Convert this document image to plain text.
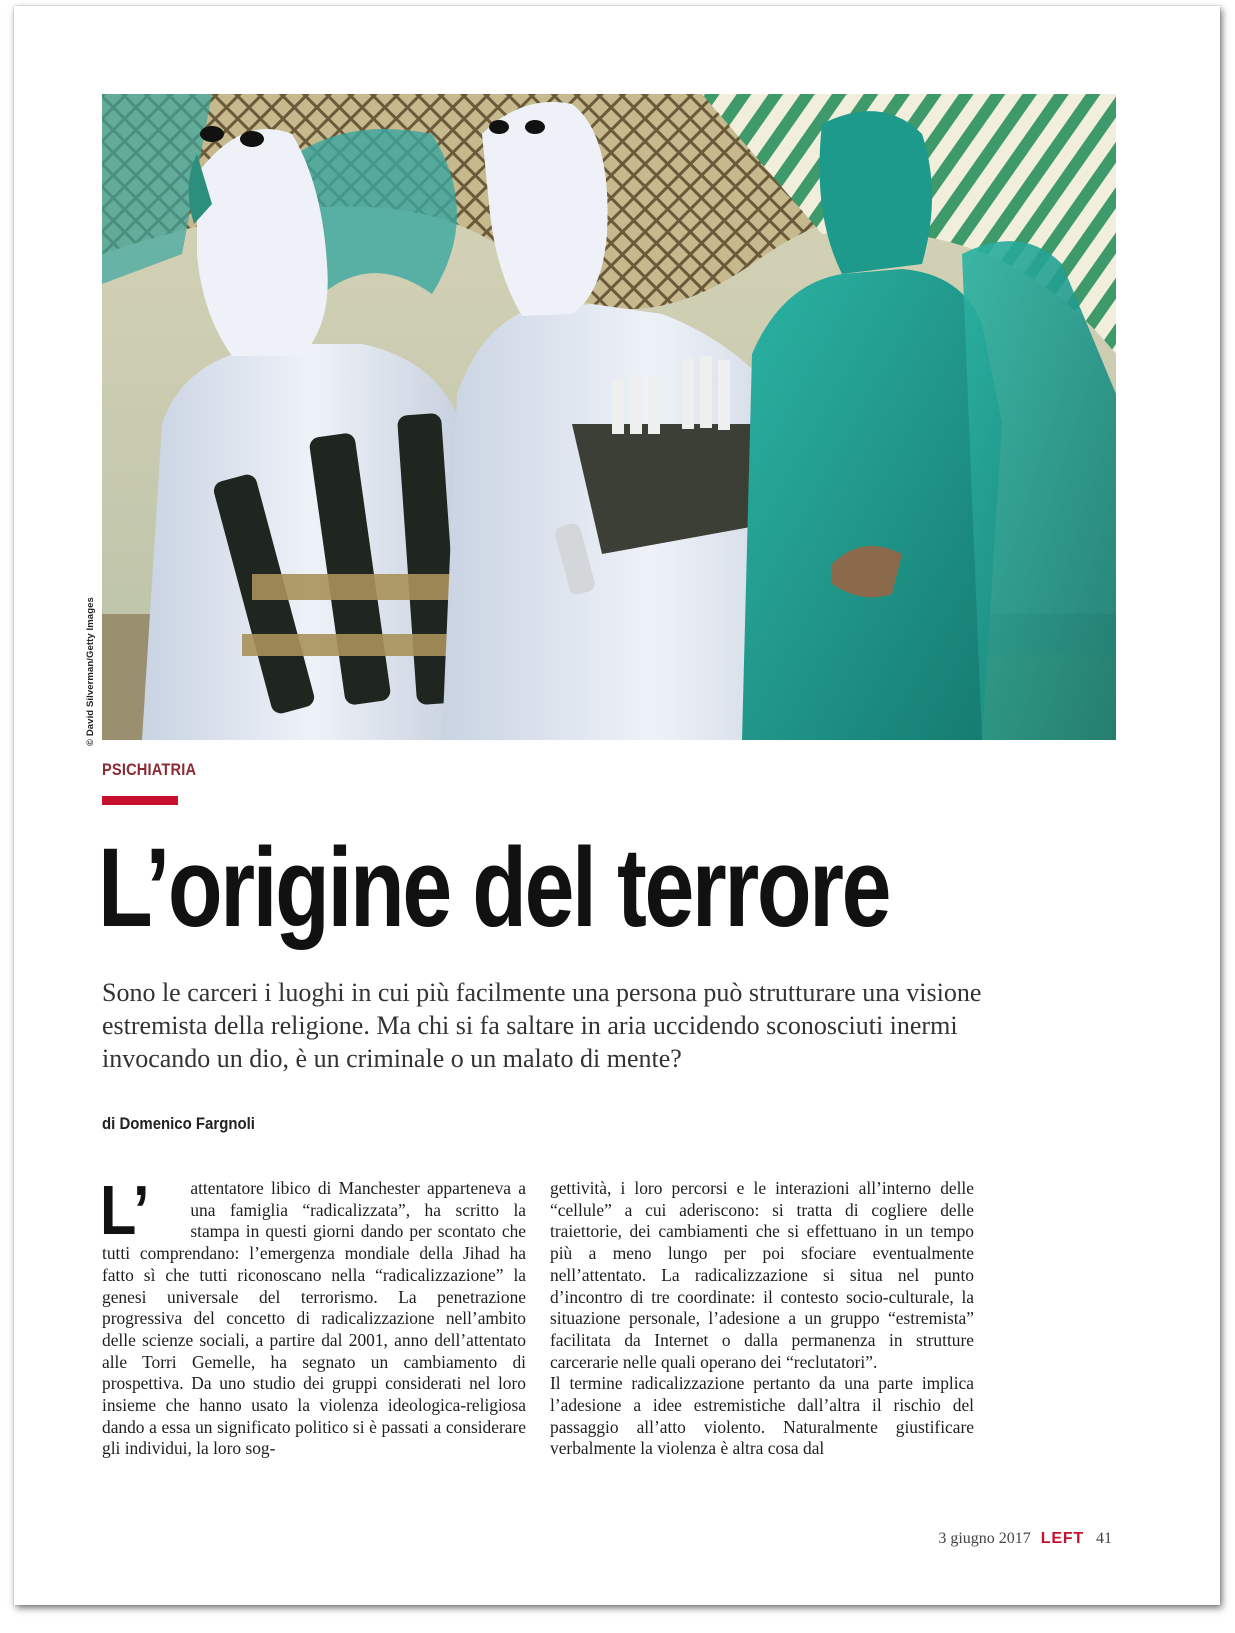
© David Silverman/Getty Images
PSICHIATRIA
L’origine del terrore

Sono le carceri i luoghi in cui più facilmente una persona può strutturare una visione estremista della religione. Ma chi si fa saltare in aria uccidendo sconosciuti inermi invocando un dio, è un criminale o un malato di mente?

di Domenico Fargnoli
L’ attentatore libico di Manchester apparteneva a una famiglia “radicalizzata”, ha scritto la stampa in questi giorni dando per scontato che tutti comprendano: l’emergenza mondiale della Jihad ha fatto sì che tutti riconoscano nella “radicalizzazione” la genesi universale del terrorismo. La penetrazione progressiva del concetto di radicalizzazione nell’ambito delle scienze sociali, a partire dal 2001, anno dell’attentato alle Torri Gemelle, ha segnato un cambiamento di prospettiva. Da uno studio dei gruppi considerati nel loro insieme che hanno usato la violenza ideologica-religiosa dando a essa un significato politico si è passati a considerare gli individui, la loro sog-
gettività, i loro percorsi e le interazioni all’interno delle “cellule” a cui aderiscono: si tratta di cogliere delle traiettorie, dei cambiamenti che si effettuano in un tempo più a meno lungo per poi sfociare eventualmente nell’attentato. La radicalizzazione si situa nel punto d’incontro di tre coordinate: il contesto socio-culturale, la situazione personale, l’adesione a un gruppo “estremista” facilitata da Internet o dalla permanenza in strutture carcerarie nelle quali operano dei “reclutatori”.
Il termine radicalizzazione pertanto da una parte implica l’adesione a idee estremistiche dall’altra il rischio del passaggio all’atto violento. Naturalmente giustificare verbalmente la violenza è altra cosa dal
3 giugno 2017 LEFT 41
